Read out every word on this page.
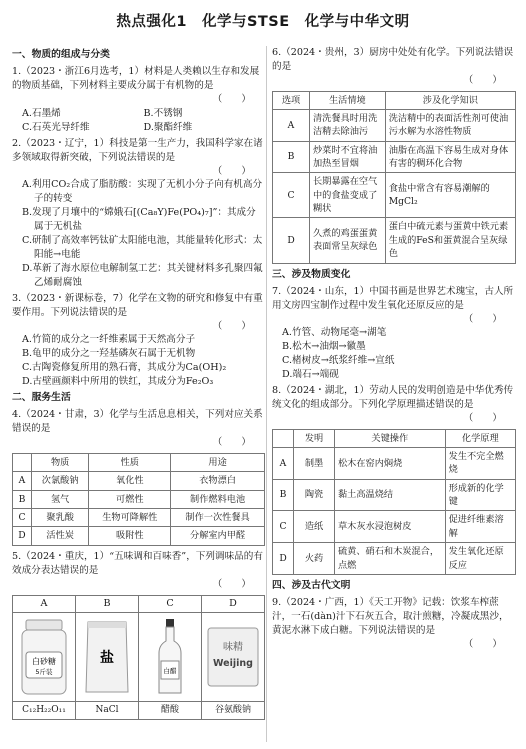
热点强化1　化学与STSE　化学与中华文明
一、物质的组成与分类
1.（2023・浙江6月选考，1）材料是人类赖以生存和发展的物质基础，下列材料主要成分属于有机物的是
（　　）
A.石墨烯	B.不锈钢
C.石英光导纤维	D.聚酯纤维
2.（2023・辽宁，1）科技是第一生产力，我国科学家在诸多领域取得新突破，下列说法错误的是
（　　）
A.利用CO₂合成了脂肪酸：实现了无机小分子向有机高分子的转变
B.发现了月壤中的“嫦娥石[(Ca₈Y)Fe(PO₄)₇]”：其成分属于无机盐
C.研制了高效率钙钛矿太阳能电池，其能量转化形式：太阳能→电能
D.革新了海水原位电解制氢工艺：其关键材料多孔聚四氟乙烯耐腐蚀
3.（2023・新课标卷，7）化学在文物的研究和修复中有重要作用。下列说法错误的是
（　　）
A.竹简的成分之一纤维素属于天然高分子
B.龟甲的成分之一羟基磷灰石属于无机物
C.古陶瓷修复所用的熟石膏，其成分为Ca(OH)₂
D.古壁画颜料中所用的铁红，其成分为Fe₂O₃
二、服务生活
4.（2024・甘肃，3）化学与生活息息相关，下列对应关系错误的是
（　　）
	物质	性质	用途
A	次氯酸钠	氧化性	衣物漂白
B	氢气	可燃性	制作燃料电池
C	聚乳酸	生物可降解性	制作一次性餐具
D	活性炭	吸附性	分解室内甲醛
5.（2024・重庆，1）“五味调和百味香”，下列调味品的有效成分表达错误的是
（　　）
A
白砂糖
5斤装
C₁₂H₂₂O₁₁
B
盐
NaCl
C
白醋
醋酸
D
味精
Weijing
谷氨酸钠
6.（2024・贵州，3）厨房中处处有化学。下列说法错误的是
（　　）
选项	生活情境	涉及化学知识
A	清洗餐具时用洗洁精去除油污	洗洁精中的表面活性剂可使油污水解为水溶性物质
B	炒菜时不宜将油加热至冒烟	油脂在高温下容易生成对身体有害的稠环化合物
C	长期暴露在空气中的食盐变成了糊状	食盐中常含有容易潮解的MgCl₂
D	久煮的鸡蛋蛋黄表面常呈灰绿色	蛋白中硫元素与蛋黄中铁元素生成的FeS和蛋黄混合呈灰绿色
三、涉及物质变化
7.（2024・山东，1）中国书画是世界艺术瑰宝，古人所用文房四宝制作过程中发生氧化还原反应的是
（　　）
A.竹管、动物尾毫→湖笔
B.松木→油烟→徽墨
C.楮树皮→纸浆纤维→宣纸
D.端石→端砚
8.（2024・湖北，1）劳动人民的发明创造是中华优秀传统文化的组成部分。下列化学原理描述错误的是
（　　）
	发明	关键操作	化学原理
A	制墨	松木在窑内焖烧	发生不完全燃烧
B	陶瓷	黏土高温烧结	形成新的化学键
C	造纸	草木灰水浸泡树皮	促进纤维素溶解
D	火药	硫黄、硝石和木炭混合，点燃	发生氧化还原反应
四、涉及古代文明
9.（2024・广西，1）《天工开物》记载：饮浆车榨蔗汁，一石(dàn)汁下石灰五合，取汁煎糖，冷凝成黑沙，黄泥水淋下成白糖。下列说法错误的是
（　　）
